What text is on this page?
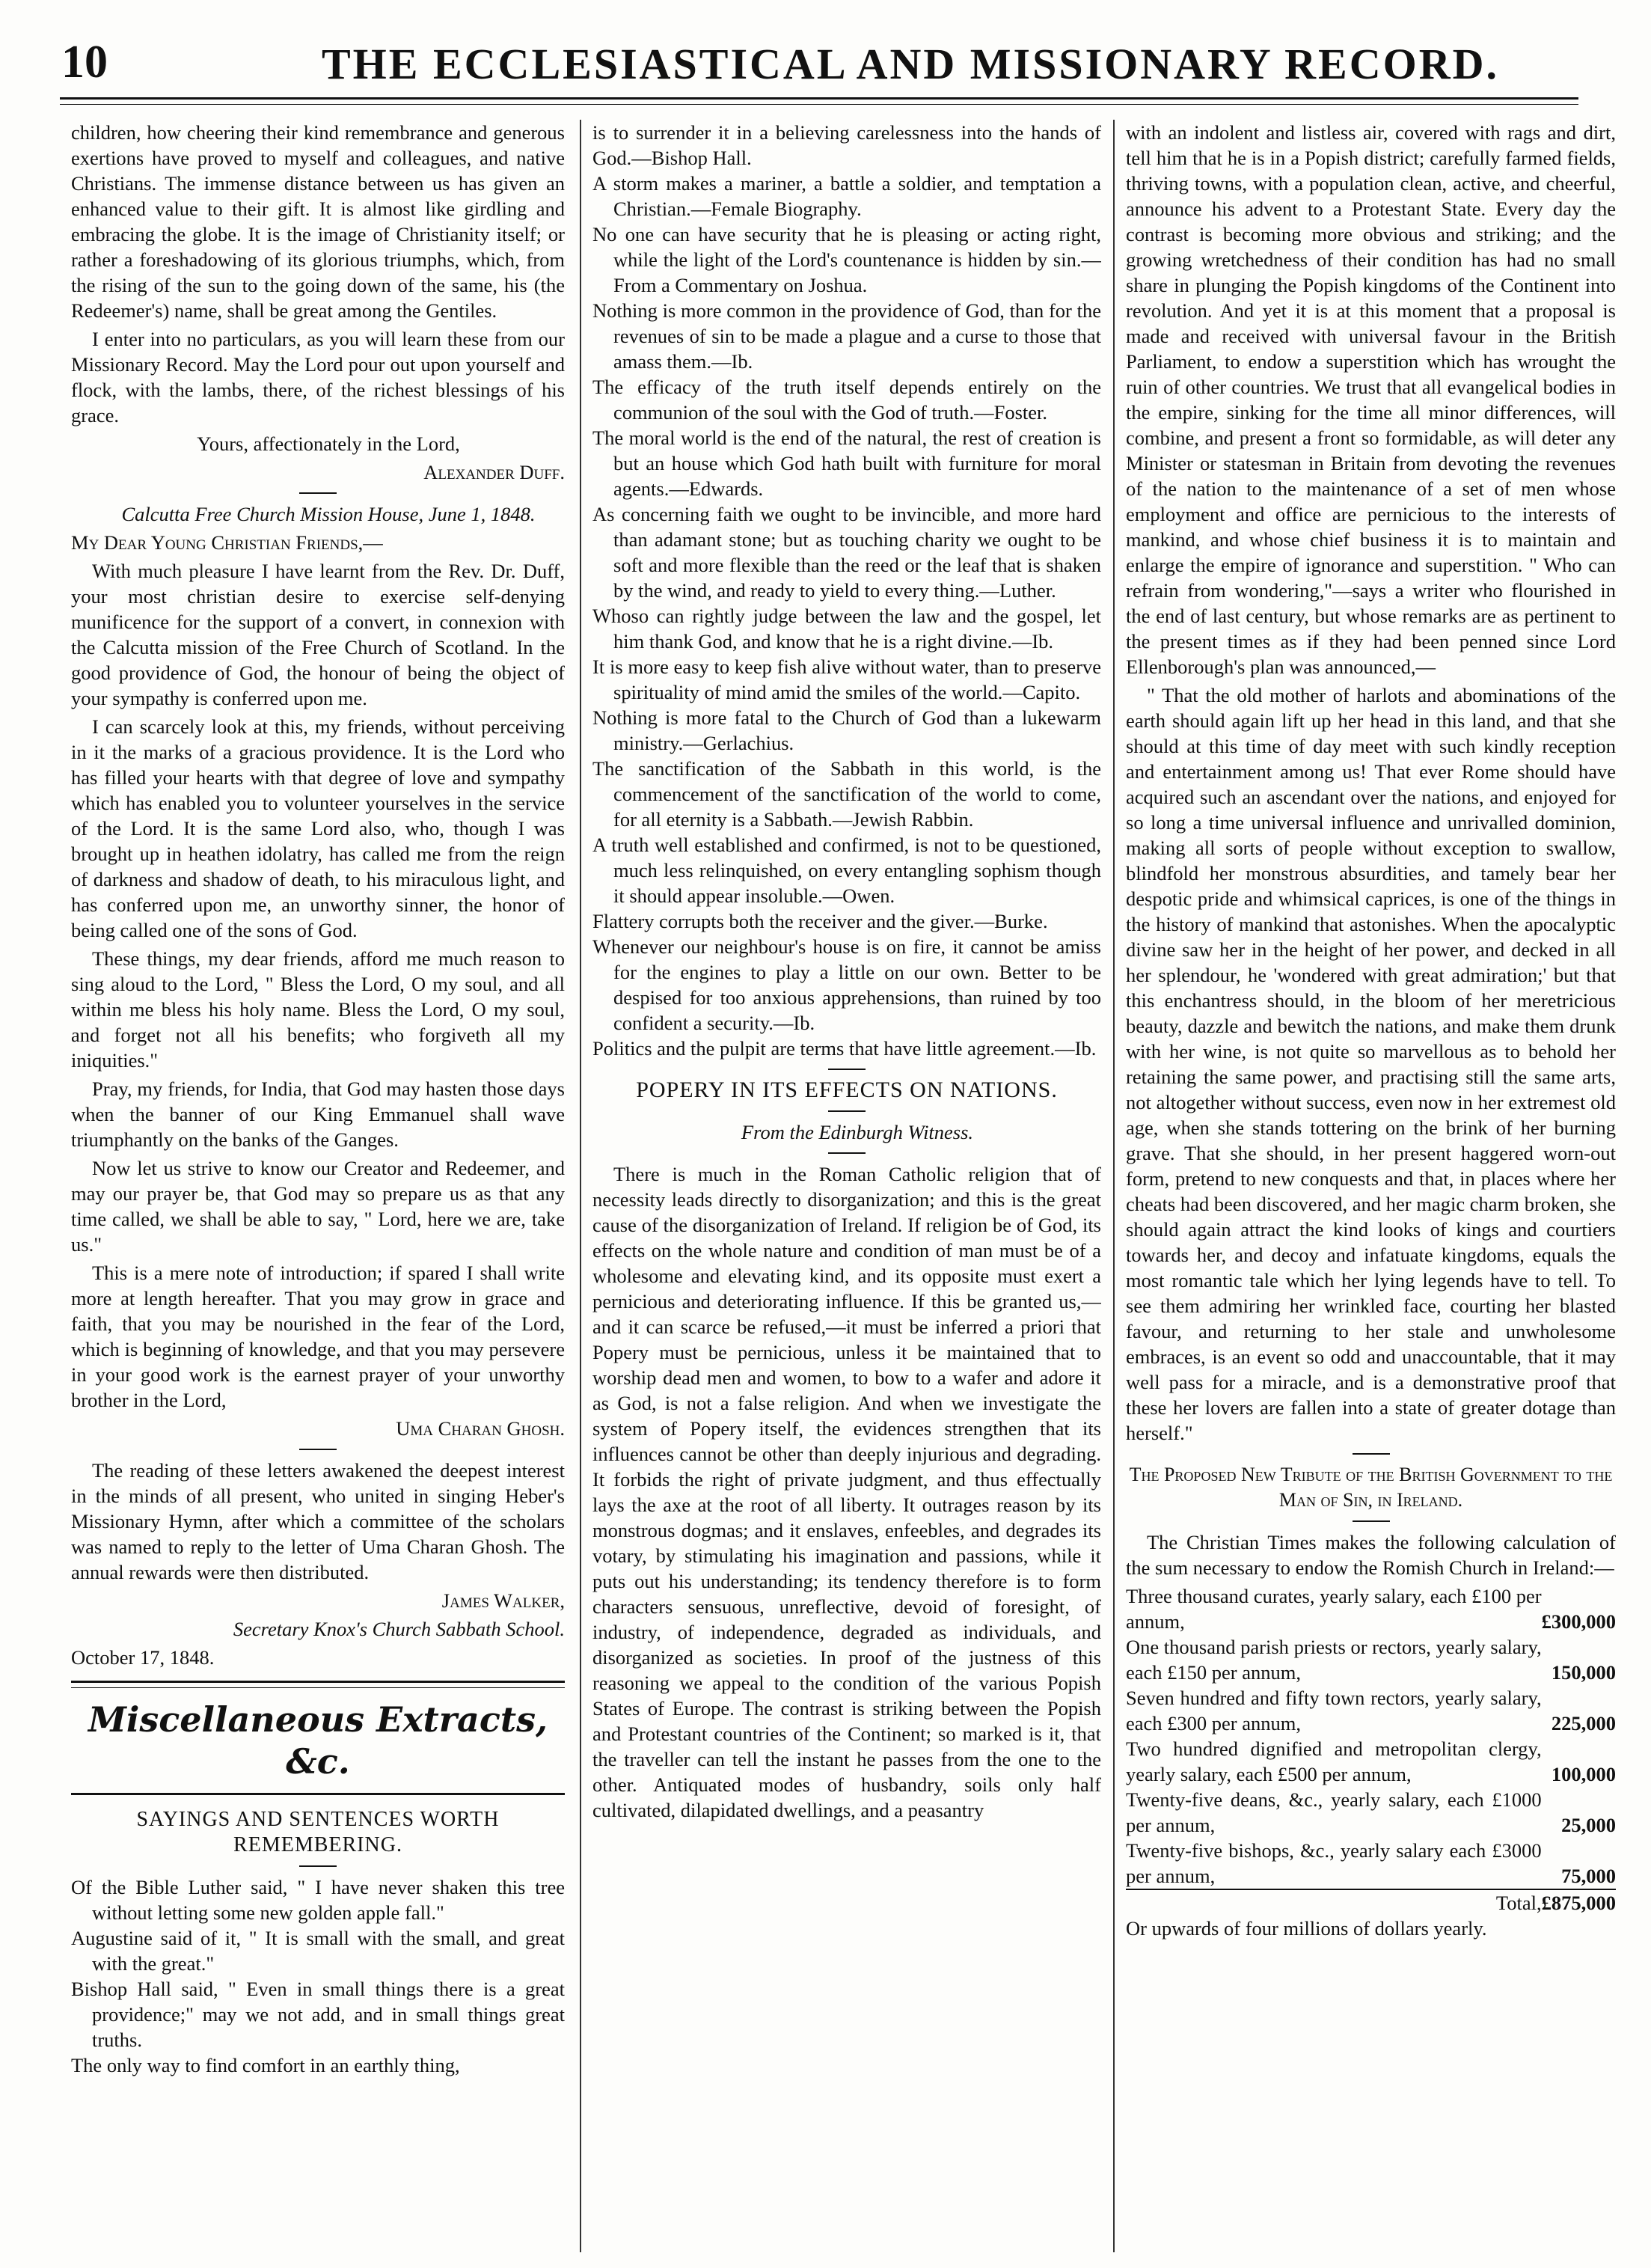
10	THE ECCLESIASTICAL AND MISSIONARY RECORD.

children, how cheering their kind remembrance and generous exertions have proved to myself and colleagues, and native Christians. The immense distance between us has given an enhanced value to their gift. It is almost like girdling and embracing the globe. It is the image of Christianity itself; or rather a foreshadowing of its glorious triumphs, which, from the rising of the sun to the going down of the same, his (the Redeemer's) name, shall be great among the Gentiles.

I enter into no particulars, as you will learn these from our Missionary Record. May the Lord pour out upon yourself and flock, with the lambs, there, of the richest blessings of his grace.

Yours, affectionately in the Lord,

Alexander Duff.

Calcutta Free Church Mission House, June 1, 1848.

My Dear Young Christian Friends,—

With much pleasure I have learnt from the Rev. Dr. Duff, your most christian desire to exercise self-denying munificence for the support of a convert, in connexion with the Calcutta mission of the Free Church of Scotland. In the good providence of God, the honour of being the object of your sympathy is conferred upon me.

I can scarcely look at this, my friends, without perceiving in it the marks of a gracious providence. It is the Lord who has filled your hearts with that degree of love and sympathy which has enabled you to volunteer yourselves in the service of the Lord. It is the same Lord also, who, though I was brought up in heathen idolatry, has called me from the reign of darkness and shadow of death, to his miraculous light, and has conferred upon me, an unworthy sinner, the honor of being called one of the sons of God.

These things, my dear friends, afford me much reason to sing aloud to the Lord, " Bless the Lord, O my soul, and all within me bless his holy name. Bless the Lord, O my soul, and forget not all his benefits; who forgiveth all my iniquities."

Pray, my friends, for India, that God may hasten those days when the banner of our King Emmanuel shall wave triumphantly on the banks of the Ganges.

Now let us strive to know our Creator and Redeemer, and may our prayer be, that God may so prepare us as that any time called, we shall be able to say, " Lord, here we are, take us."

This is a mere note of introduction; if spared I shall write more at length hereafter. That you may grow in grace and faith, that you may be nourished in the fear of the Lord, which is beginning of knowledge, and that you may persevere in your good work is the earnest prayer of your unworthy brother in the Lord,

Uma Charan Ghosh.

The reading of these letters awakened the deepest interest in the minds of all present, who united in singing Heber's Missionary Hymn, after which a committee of the scholars was named to reply to the letter of Uma Charan Ghosh. The annual rewards were then distributed.

James Walker,

Secretary Knox's Church Sabbath School.

October 17, 1848.

Miscellaneous Extracts, &c.
SAYINGS AND SENTENCES WORTH REMEMBERING.

Of the Bible Luther said, " I have never shaken this tree without letting some new golden apple fall."

Augustine said of it, " It is small with the small, and great with the great."

Bishop Hall said, " Even in small things there is a great providence;" may we not add, and in small things great truths.

The only way to find comfort in an earthly thing,

is to surrender it in a believing carelessness into the hands of God.—Bishop Hall.

A storm makes a mariner, a battle a soldier, and temptation a Christian.—Female Biography.

No one can have security that he is pleasing or acting right, while the light of the Lord's countenance is hidden by sin.—From a Commentary on Joshua.

Nothing is more common in the providence of God, than for the revenues of sin to be made a plague and a curse to those that amass them.—Ib.

The efficacy of the truth itself depends entirely on the communion of the soul with the God of truth.—Foster.

The moral world is the end of the natural, the rest of creation is but an house which God hath built with furniture for moral agents.—Edwards.

As concerning faith we ought to be invincible, and more hard than adamant stone; but as touching charity we ought to be soft and more flexible than the reed or the leaf that is shaken by the wind, and ready to yield to every thing.—Luther.

Whoso can rightly judge between the law and the gospel, let him thank God, and know that he is a right divine.—Ib.

It is more easy to keep fish alive without water, than to preserve spirituality of mind amid the smiles of the world.—Capito.

Nothing is more fatal to the Church of God than a lukewarm ministry.—Gerlachius.

The sanctification of the Sabbath in this world, is the commencement of the sanctification of the world to come, for all eternity is a Sabbath.—Jewish Rabbin.

A truth well established and confirmed, is not to be questioned, much less relinquished, on every entangling sophism though it should appear insoluble.—Owen.

Flattery corrupts both the receiver and the giver.—Burke.

Whenever our neighbour's house is on fire, it cannot be amiss for the engines to play a little on our own. Better to be despised for too anxious apprehensions, than ruined by too confident a security.—Ib.

Politics and the pulpit are terms that have little agreement.—Ib.

POPERY IN ITS EFFECTS ON NATIONS.

From the Edinburgh Witness.

There is much in the Roman Catholic religion that of necessity leads directly to disorganization; and this is the great cause of the disorganization of Ireland. If religion be of God, its effects on the whole nature and condition of man must be of a wholesome and elevating kind, and its opposite must exert a pernicious and deteriorating influence. If this be granted us,—and it can scarce be refused,—it must be inferred a priori that Popery must be pernicious, unless it be maintained that to worship dead men and women, to bow to a wafer and adore it as God, is not a false religion. And when we investigate the system of Popery itself, the evidences strengthen that its influences cannot be other than deeply injurious and degrading. It forbids the right of private judgment, and thus effectually lays the axe at the root of all liberty. It outrages reason by its monstrous dogmas; and it enslaves, enfeebles, and degrades its votary, by stimulating his imagination and passions, while it puts out his understanding; its tendency therefore is to form characters sensuous, unreflective, devoid of foresight, of industry, of independence, degraded as individuals, and disorganized as societies. In proof of the justness of this reasoning we appeal to the condition of the various Popish States of Europe. The contrast is striking between the Popish and Protestant countries of the Continent; so marked is it, that the traveller can tell the instant he passes from the one to the other. Antiquated modes of husbandry, soils only half cultivated, dilapidated dwellings, and a peasantry

with an indolent and listless air, covered with rags and dirt, tell him that he is in a Popish district; carefully farmed fields, thriving towns, with a population clean, active, and cheerful, announce his advent to a Protestant State. Every day the contrast is becoming more obvious and striking; and the growing wretchedness of their condition has had no small share in plunging the Popish kingdoms of the Continent into revolution. And yet it is at this moment that a proposal is made and received with universal favour in the British Parliament, to endow a superstition which has wrought the ruin of other countries. We trust that all evangelical bodies in the empire, sinking for the time all minor differences, will combine, and present a front so formidable, as will deter any Minister or statesman in Britain from devoting the revenues of the nation to the maintenance of a set of men whose employment and office are pernicious to the interests of mankind, and whose chief business it is to maintain and enlarge the empire of ignorance and superstition. " Who can refrain from wondering,"—says a writer who flourished in the end of last century, but whose remarks are as pertinent to the present times as if they had been penned since Lord Ellenborough's plan was announced,—

" That the old mother of harlots and abominations of the earth should again lift up her head in this land, and that she should at this time of day meet with such kindly reception and entertainment among us! That ever Rome should have acquired such an ascendant over the nations, and enjoyed for so long a time universal influence and unrivalled dominion, making all sorts of people without exception to swallow, blindfold her monstrous absurdities, and tamely bear her despotic pride and whimsical caprices, is one of the things in the history of mankind that astonishes. When the apocalyptic divine saw her in the height of her power, and decked in all her splendour, he 'wondered with great admiration;' but that this enchantress should, in the bloom of her meretricious beauty, dazzle and bewitch the nations, and make them drunk with her wine, is not quite so marvellous as to behold her retaining the same power, and practising still the same arts, not altogether without success, even now in her extremest old age, when she stands tottering on the brink of her burning grave. That she should, in her present haggered worn-out form, pretend to new conquests and that, in places where her cheats had been discovered, and her magic charm broken, she should again attract the kind looks of kings and courtiers towards her, and decoy and infatuate kingdoms, equals the most romantic tale which her lying legends have to tell. To see them admiring her wrinkled face, courting her blasted favour, and returning to her stale and unwholesome embraces, is an event so odd and unaccountable, that it may well pass for a miracle, and is a demonstrative proof that these her lovers are fallen into a state of greater dotage than herself."

The Proposed New Tribute of the British Government to the Man of Sin, in Ireland.

The Christian Times makes the following calculation of the sum necessary to endow the Romish Church in Ireland:—

Three thousand curates, yearly salary, each £100 per annum,	£300,000
One thousand parish priests or rectors, yearly salary, each £150 per annum,	150,000
Seven hundred and fifty town rectors, yearly salary, each £300 per annum,	225,000
Two hundred dignified and metropolitan clergy, yearly salary, each £500 per annum,	100,000
Twenty-five deans, &c., yearly salary, each £1000 per annum,	25,000
Twenty-five bishops, &c., yearly salary each £3000 per annum,	75,000
Total,	£875,000

Or upwards of four millions of dollars yearly.
